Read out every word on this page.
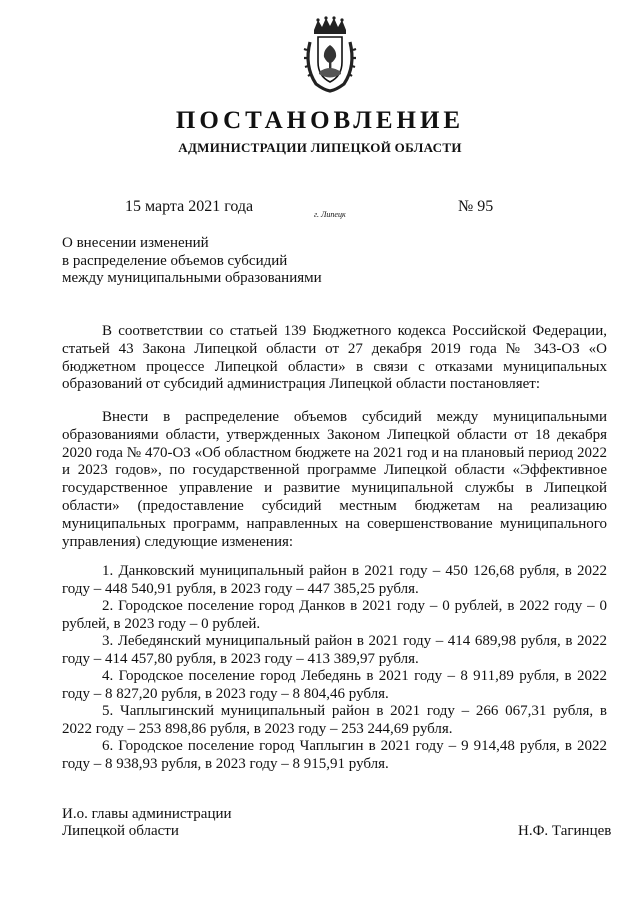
ПОСТАНОВЛЕНИЕ
АДМИНИСТРАЦИИ ЛИПЕЦКОЙ ОБЛАСТИ
15 марта 2021 года	г. Липецк	№ 95
О внесении изменений
в распределение объемов субсидий
между муниципальными образованиями

В соответствии со статьей 139 Бюджетного кодекса Российской Федерации, статьей 43 Закона Липецкой области от 27 декабря 2019 года № 343-ОЗ «О бюджетном процессе Липецкой области» в связи с отказами муниципальных образований от субсидий администрация Липецкой области постановляет:

Внести в распределение объемов субсидий между муниципальными образованиями области, утвержденных Законом Липецкой области от 18 декабря 2020 года № 470-ОЗ «Об областном бюджете на 2021 год и на плановый период 2022 и 2023 годов», по государственной программе Липецкой области «Эффективное государственное управление и развитие муниципальной службы в Липецкой области» (предоставление субсидий местным бюджетам на реализацию муниципальных программ, направленных на совершенствование муниципального управления) следующие изменения:

1. Данковский муниципальный район в 2021 году – 450 126,68 рубля, в 2022 году – 448 540,91 рубля, в 2023 году – 447 385,25 рубля.
2. Городское поселение город Данков в 2021 году – 0 рублей, в 2022 году – 0 рублей, в 2023 году – 0 рублей.
3. Лебедянский муниципальный район в 2021 году – 414 689,98 рубля, в 2022 году – 414 457,80 рубля, в 2023 году – 413 389,97 рубля.
4. Городское поселение город Лебедянь в 2021 году – 8 911,89 рубля, в 2022 году – 8 827,20 рубля, в 2023 году – 8 804,46 рубля.
5. Чаплыгинский муниципальный район в 2021 году – 266 067,31 рубля, в 2022 году – 253 898,86 рубля, в 2023 году – 253 244,69 рубля.
6. Городское поселение город Чаплыгин в 2021 году – 9 914,48 рубля, в 2022 году – 8 938,93 рубля, в 2023 году – 8 915,91 рубля.
И.о. главы администрации
Липецкой области	Н.Ф. Тагинцев
